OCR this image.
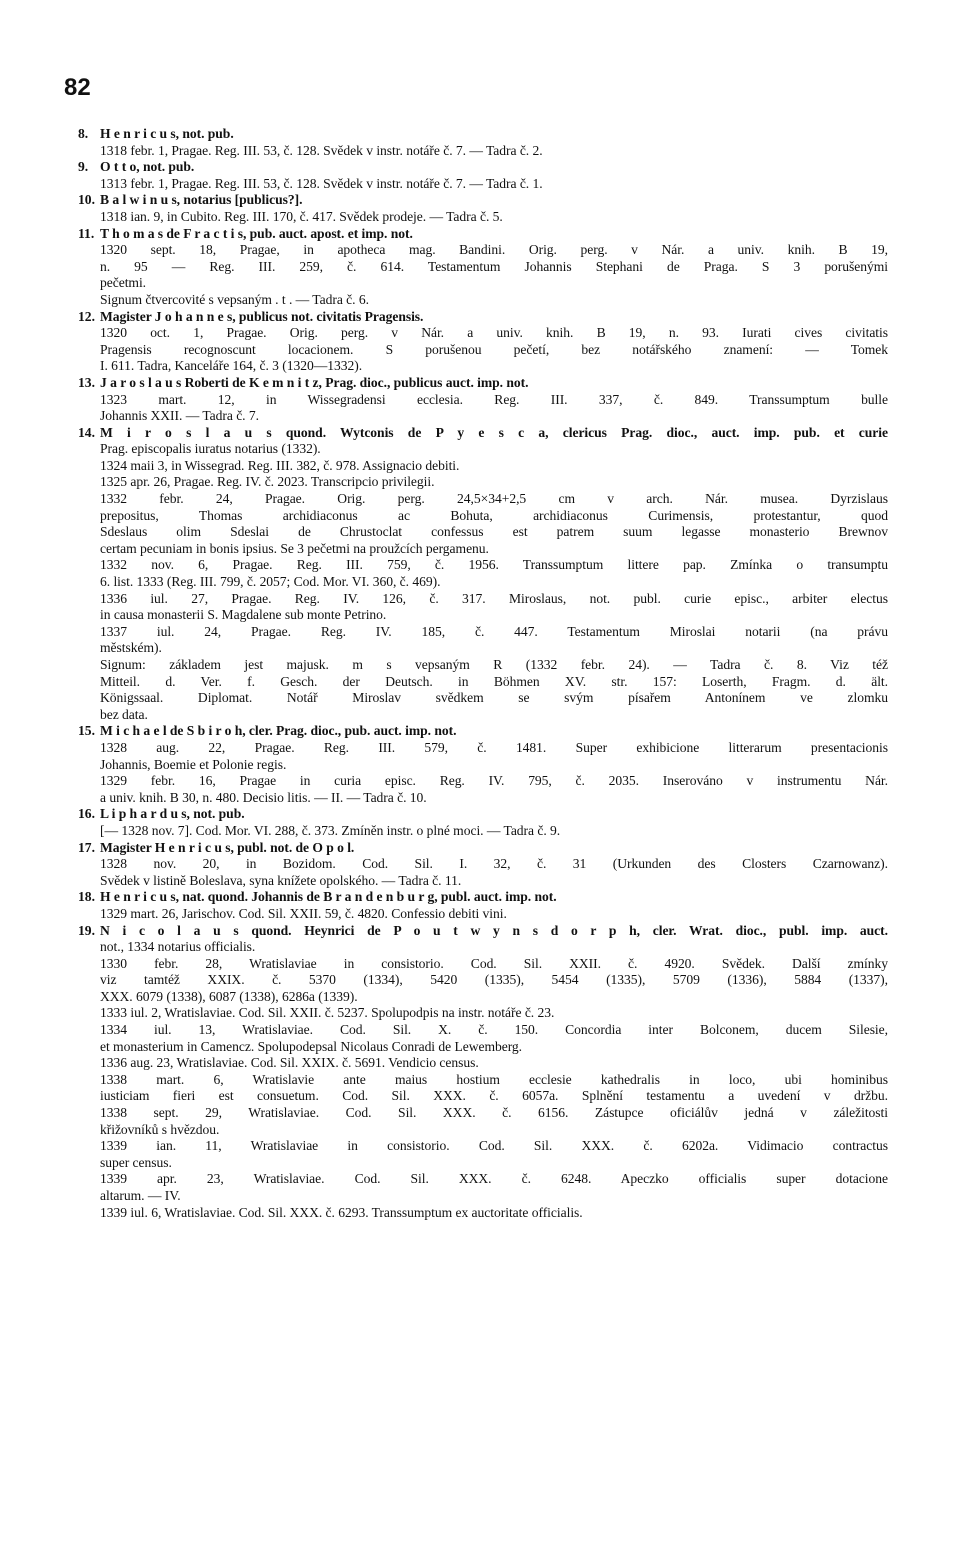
82
8. H e n r i c u s, not. pub.
1318 febr. 1, Pragae. Reg. III. 53, č. 128. Svědek v instr. notáře č. 7. — Tadra č. 2.
9. O t t o, not. pub.
1313 febr. 1, Pragae. Reg. III. 53, č. 128. Svědek v instr. notáře č. 7. — Tadra č. 1.
10. B a l w i n u s, notarius [publicus?].
1318 ian. 9, in Cubito. Reg. III. 170, č. 417. Svědek prodeje. — Tadra č. 5.
11. T h o m a s de F r a c t i s, pub. auct. apost. et imp. not.
1320 sept. 18, Pragae, in apotheca mag. Bandini. Orig. perg. v Nár. a univ. knih. B 19,
n. 95 — Reg. III. 259, č. 614. Testamentum Johannis Stephani de Praga. S 3 porušenými
pečetmi.
Signum čtvercovité s vepsaným . t . — Tadra č. 6.
12. Magister J o h a n n e s, publicus not. civitatis Pragensis.
1320 oct. 1, Pragae. Orig. perg. v Nár. a univ. knih. B 19, n. 93. Iurati cives civitatis
Pragensis recognoscunt locacionem. S porušenou pečetí, bez notářského znamení: — Tomek
I. 611. Tadra, Kanceláře 164, č. 3 (1320—1332).
13. J a r o s l a u s Roberti de K e m n i t z, Prag. dioc., publicus auct. imp. not.
1323 mart. 12, in Wissegradensi ecclesia. Reg. III. 337, č. 849. Transsumptum bulle
Johannis XXII. — Tadra č. 7.
14. M i r o s l a u s quond. Wytconis de P y e s c a, clericus Prag. dioc., auct. imp. pub. et curie
Prag. episcopalis iuratus notarius (1332).
1324 maii 3, in Wissegrad. Reg. III. 382, č. 978. Assignacio debiti.
1325 apr. 26, Pragae. Reg. IV. č. 2023. Transcripcio privilegii.
1332 febr. 24, Pragae. Orig. perg. 24,5×34+2,5 cm v arch. Nár. musea. Dyrzislaus
prepositus, Thomas archidiaconus ac Bohuta, archidiaconus Curimensis, protestantur, quod
Sdeslaus olim Sdeslai de Chrustoclat confessus est patrem suum legasse monasterio Brewnov
certam pecuniam in bonis ipsius. Se 3 pečetmi na proužcích pergamenu.
1332 nov. 6, Pragae. Reg. III. 759, č. 1956. Transsumptum littere pap. Zmínka o transumptu
6. list. 1333 (Reg. III. 799, č. 2057; Cod. Mor. VI. 360, č. 469).
1336 iul. 27, Pragae. Reg. IV. 126, č. 317. Miroslaus, not. publ. curie episc., arbiter electus
in causa monasterii S. Magdalene sub monte Petrino.
1337 iul. 24, Pragae. Reg. IV. 185, č. 447. Testamentum Miroslai notarii (na právu
městském).
Signum: základem jest majusk. m s vepsaným R (1332 febr. 24). — Tadra č. 8. Viz též
Mitteil. d. Ver. f. Gesch. der Deutsch. in Böhmen XV. str. 157: Loserth, Fragm. d. ält.
Königssaal. Diplomat. Notář Miroslav svědkem se svým písařem Antonínem ve zlomku
bez data.
15. M i c h a e l de S b i r o h, cler. Prag. dioc., pub. auct. imp. not.
1328 aug. 22, Pragae. Reg. III. 579, č. 1481. Super exhibicione litterarum presentacionis
Johannis, Boemie et Polonie regis.
1329 febr. 16, Pragae in curia episc. Reg. IV. 795, č. 2035. Inserováno v instrumentu Nár.
a univ. knih. B 30, n. 480. Decisio litis. — II. — Tadra č. 10.
16. L i p h a r d u s, not. pub.
[— 1328 nov. 7]. Cod. Mor. VI. 288, č. 373. Zmíněn instr. o plné moci. — Tadra č. 9.
17. Magister H e n r i c u s, publ. not. de O p o l.
1328 nov. 20, in Bozidom. Cod. Sil. I. 32, č. 31 (Urkunden des Closters Czarnowanz).
Svědek v listině Boleslava, syna knížete opolského. — Tadra č. 11.
18. H e n r i c u s, nat. quond. Johannis de B r a n d e n b u r g, publ. auct. imp. not.
1329 mart. 26, Jarischov. Cod. Sil. XXII. 59, č. 4820. Confessio debiti vini.
19. N i c o l a u s quond. Heynrici de P o u t w y n s d o r p h, cler. Wrat. dioc., publ. imp. auct.
not., 1334 notarius officialis.
1330 febr. 28, Wratislaviae in consistorio. Cod. Sil. XXII. č. 4920. Svědek. Další zmínky
viz tamtéž XXIX. č. 5370 (1334), 5420 (1335), 5454 (1335), 5709 (1336), 5884 (1337),
XXX. 6079 (1338), 6087 (1338), 6286a (1339).
1333 iul. 2, Wratislaviae. Cod. Sil. XXII. č. 5237. Spolupodpis na instr. notáře č. 23.
1334 iul. 13, Wratislaviae. Cod. Sil. X. č. 150. Concordia inter Bolconem, ducem Silesie,
et monasterium in Camencz. Spolupodepsal Nicolaus Conradi de Lewemberg.
1336 aug. 23, Wratislaviae. Cod. Sil. XXIX. č. 5691. Vendicio census.
1338 mart. 6, Wratislavie ante maius hostium ecclesie kathedralis in loco, ubi hominibus
iusticiam fieri est consuetum. Cod. Sil. XXX. č. 6057a. Splnění testamentu a uvedení v držbu.
1338 sept. 29, Wratislaviae. Cod. Sil. XXX. č. 6156. Zástupce oficiálův jedná v záležitosti
křižovníků s hvězdou.
1339 ian. 11, Wratislaviae in consistorio. Cod. Sil. XXX. č. 6202a. Vidimacio contractus
super census.
1339 apr. 23, Wratislaviae. Cod. Sil. XXX. č. 6248. Apeczko officialis super dotacione
altarum. — IV.
1339 iul. 6, Wratislaviae. Cod. Sil. XXX. č. 6293. Transsumptum ex auctoritate officialis.
